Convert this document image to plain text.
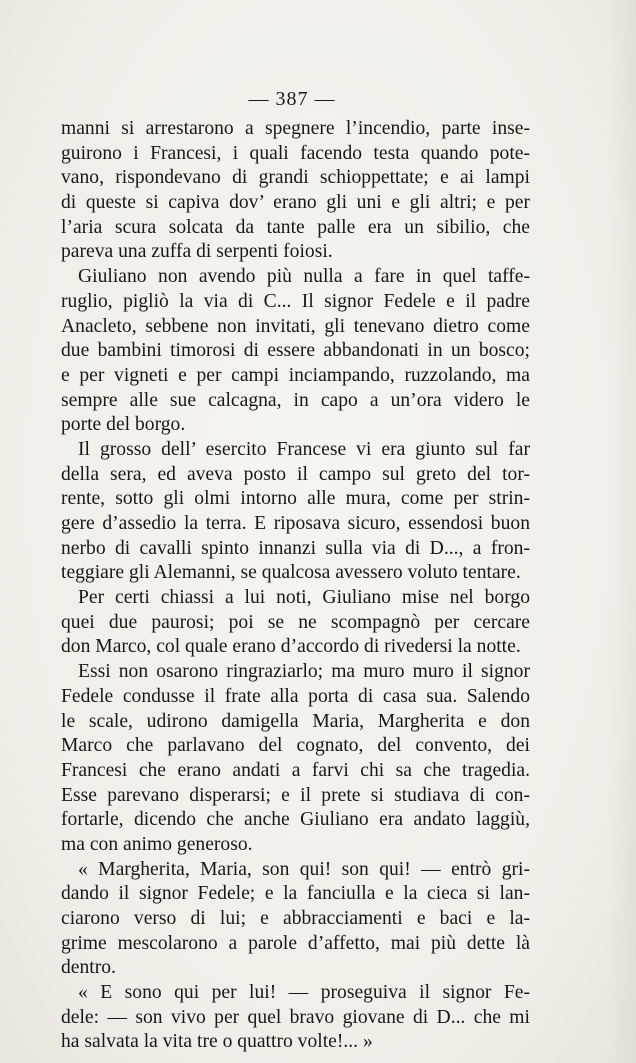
— 387 —
manni si arrestarono a spegnere l’incendio, parte inse-
guirono i Francesi, i quali facendo testa quando pote-
vano, rispondevano di grandi schioppettate; e ai lampi
di queste si capiva dov’ erano gli uni e gli altri; e per
l’aria scura solcata da tante palle era un sibilio, che
pareva una zuffa di serpenti foiosi.
Giuliano non avendo più nulla a fare in quel taffe-
ruglio, pigliò la via di C... Il signor Fedele e il padre
Anacleto, sebbene non invitati, gli tenevano dietro come
due bambini timorosi di essere abbandonati in un bosco;
e per vigneti e per campi inciampando, ruzzolando, ma
sempre alle sue calcagna, in capo a un’ora videro le
porte del borgo.
Il grosso dell’ esercito Francese vi era giunto sul far
della sera, ed aveva posto il campo sul greto del tor-
rente, sotto gli olmi intorno alle mura, come per strin-
gere d’assedio la terra. E riposava sicuro, essendosi buon
nerbo di cavalli spinto innanzi sulla via di D..., a fron-
teggiare gli Alemanni, se qualcosa avessero voluto tentare.
Per certi chiassi a lui noti, Giuliano mise nel borgo
quei due paurosi; poi se ne scompagnò per cercare
don Marco, col quale erano d’accordo di rivedersi la notte.
Essi non osarono ringraziarlo; ma muro muro il signor
Fedele condusse il frate alla porta di casa sua. Salendo
le scale, udirono damigella Maria, Margherita e don
Marco che parlavano del cognato, del convento, dei
Francesi che erano andati a farvi chi sa che tragedia.
Esse parevano disperarsi; e il prete si studiava di con-
fortarle, dicendo che anche Giuliano era andato laggiù,
ma con animo generoso.
« Margherita, Maria, son qui! son qui! — entrò gri-
dando il signor Fedele; e la fanciulla e la cieca si lan-
ciarono verso di lui; e abbracciamenti e baci e la-
grime mescolarono a parole d’affetto, mai più dette là
dentro.
« E sono qui per lui! — proseguiva il signor Fe-
dele: — son vivo per quel bravo giovane di D... che mi
ha salvata la vita tre o quattro volte!... »
